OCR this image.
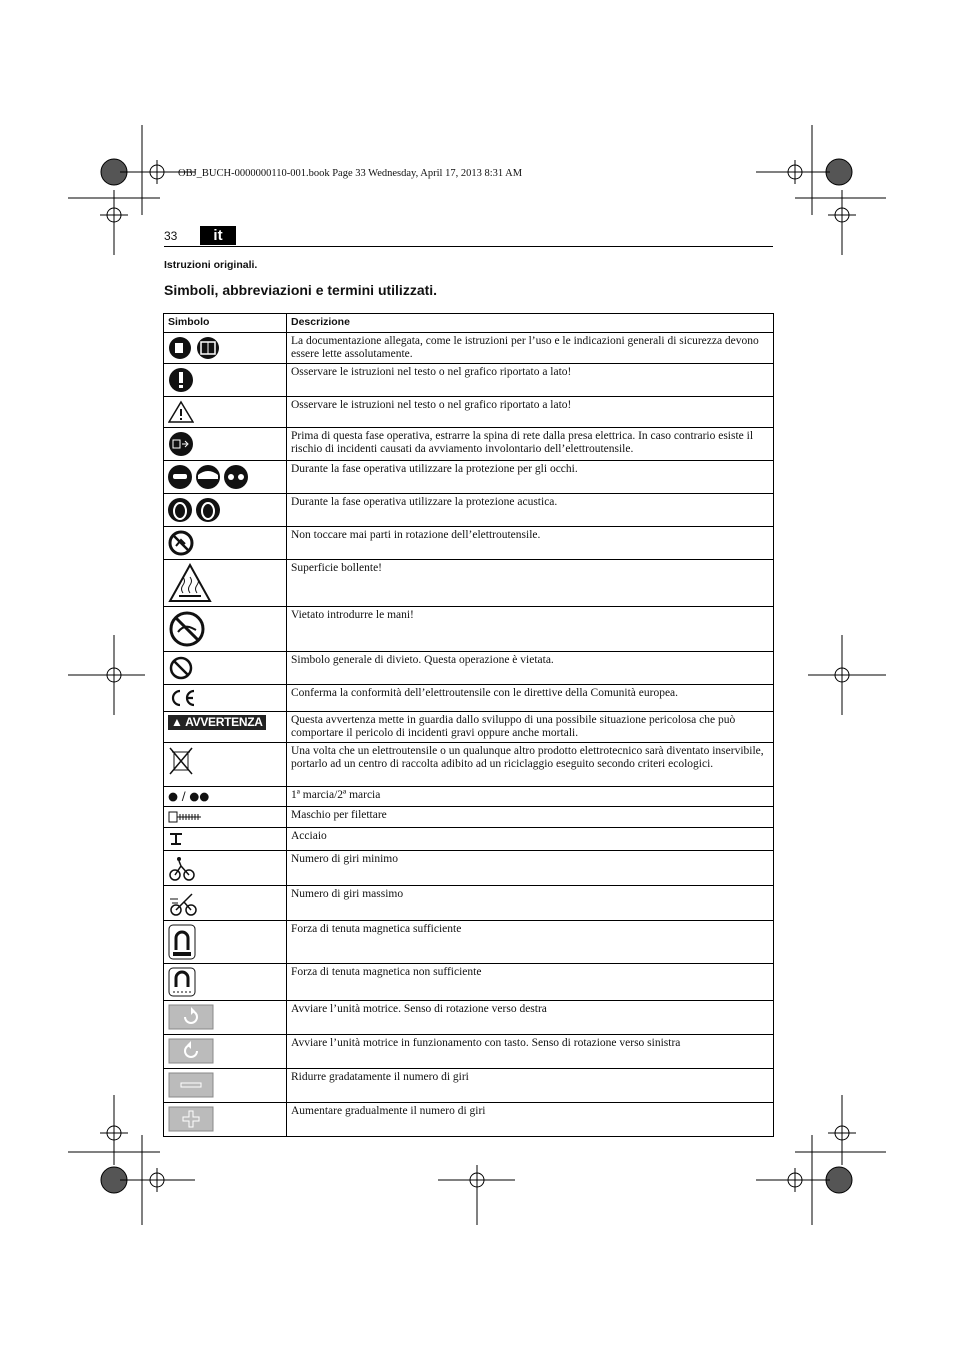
OBJ_BUCH-0000000110-001.book Page 33 Wednesday, April 17, 2013 8:31 AM
33	it
Istruzioni originali.
Simboli, abbreviazioni e termini utilizzati.
Simbolo	Descrizione
	La documentazione allegata, come le istruzioni per l’uso e le indicazioni generali di sicurezza devono essere lette assolutamente.
	Osservare le istruzioni nel testo o nel grafico riportato a lato!
	Osservare le istruzioni nel testo o nel grafico riportato a lato!
	Prima di questa fase operativa, estrarre la spina di rete dalla presa elettrica. In caso contrario esiste il rischio di incidenti causati da avviamento involontario dell’elettroutensile.
	Durante la fase operativa utilizzare la protezione per gli occhi.
	Durante la fase operativa utilizzare la protezione acustica.
	Non toccare mai parti in rotazione dell’elettroutensile.
	Superficie bollente!
	Vietato introdurre le mani!
	Simbolo generale di divieto. Questa operazione è vietata.
	Conferma la conformità dell’elettroutensile con le direttive della Comunità europea.
▲ AVVERTENZA	Questa avvertenza mette in guardia dallo sviluppo di una possibile situazione pericolosa che può comportare il pericolo di incidenti gravi oppure anche mortali.
	Una volta che un elettroutensile o un qualunque altro prodotto elettrotecnico sarà diventato inservibile, portarlo ad un centro di raccolta adibito ad un riciclaggio eseguito secondo criteri ecologici.
● / ●●	1ª marcia/2ª marcia
	Maschio per filettare
	Acciaio
	Numero di giri minimo
	Numero di giri massimo
	Forza di tenuta magnetica sufficiente
	Forza di tenuta magnetica non sufficiente
	Avviare l’unità motrice. Senso di rotazione verso destra
	Avviare l’unità motrice in funzionamento con tasto. Senso di rotazione verso sinistra
	Ridurre gradatamente il numero di giri
	Aumentare gradualmente il numero di giri
